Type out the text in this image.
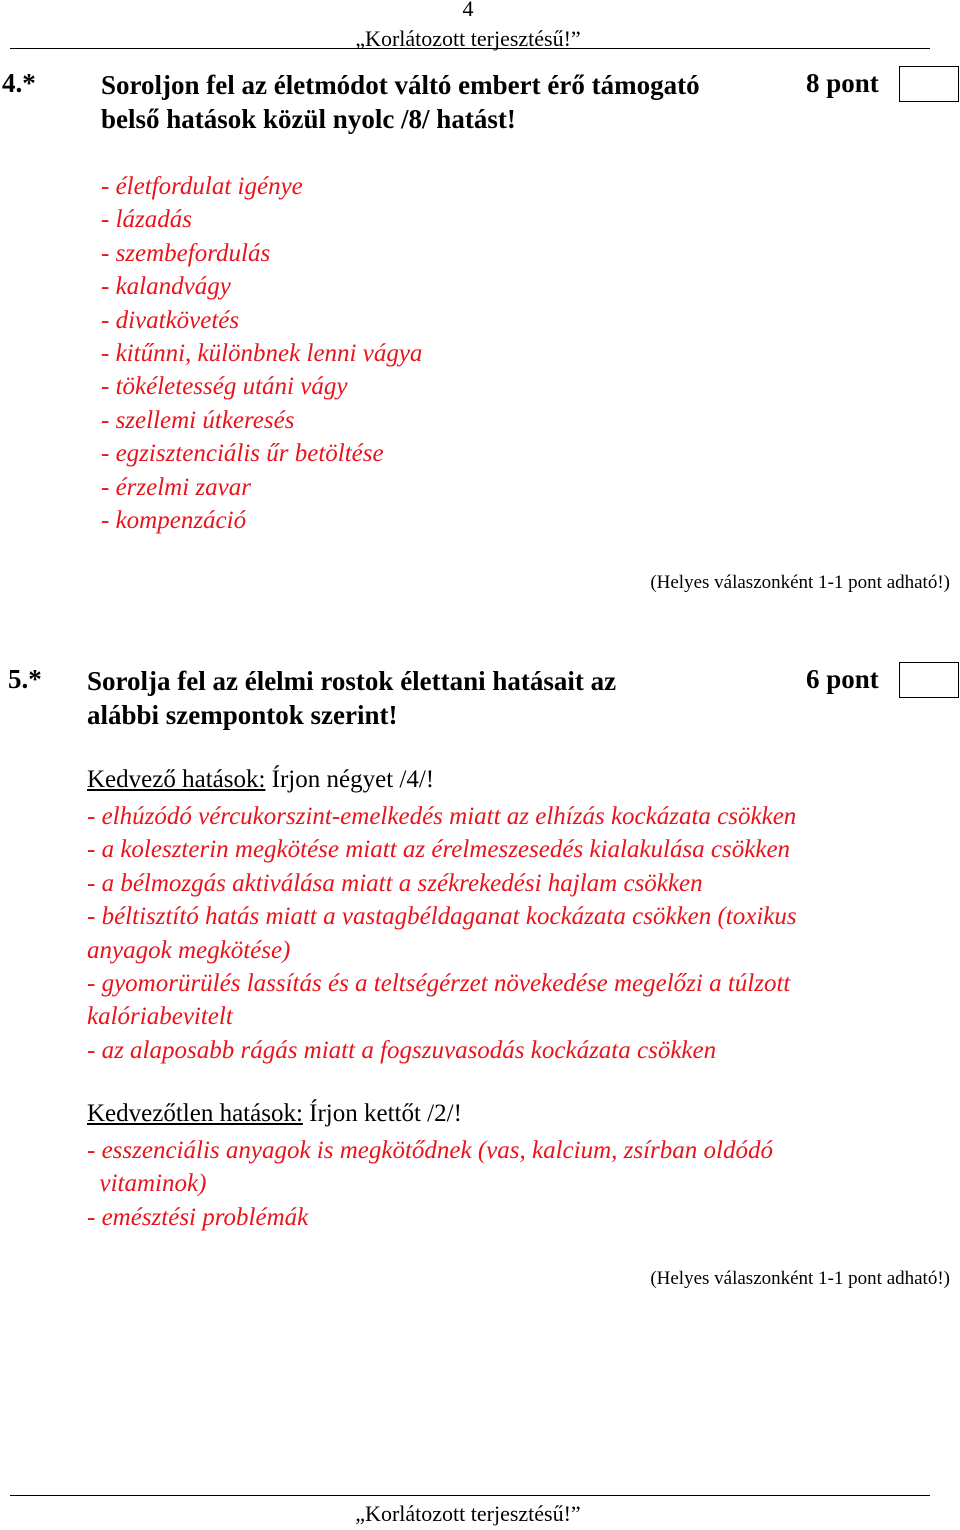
4
„Korlátozott terjesztésű!”
4.* Soroljon fel az életmódot váltó embert érő támogató
belső hatások közül nyolc /8/ hatást!
8 pont
- életfordulat igénye
- lázadás
- szembefordulás
- kalandvágy
- divatkövetés
- kitűnni, különbnek lenni vágya
- tökéletesség utáni vágy
- szellemi útkeresés
- egzisztenciális űr betöltése
- érzelmi zavar
- kompenzáció
(Helyes válaszonként 1-1 pont adható!)
5.* Sorolja fel az élelmi rostok élettani hatásait az
alábbi szempontok szerint!
6 pont
Kedvező hatások: Írjon négyet /4/!
- elhúzódó vércukorszint-emelkedés miatt az elhízás kockázata csökken
- a koleszterin megkötése miatt az érelmeszesedés kialakulása csökken
- a bélmozgás aktiválása miatt a székrekedési hajlam csökken
- béltisztító hatás miatt a vastagbéldaganat kockázata csökken (toxikus
anyagok megkötése)
- gyomorürülés lassítás és a teltségérzet növekedése megelőzi a túlzott
kalóriabevitelt
- az alaposabb rágás miatt a fogszuvasodás kockázata csökken
Kedvezőtlen hatások: Írjon kettőt /2/!
- esszenciális anyagok is megkötődnek (vas, kalcium, zsírban oldódó
vitaminok)
- emésztési problémák
(Helyes válaszonként 1-1 pont adható!)
„Korlátozott terjesztésű!”
